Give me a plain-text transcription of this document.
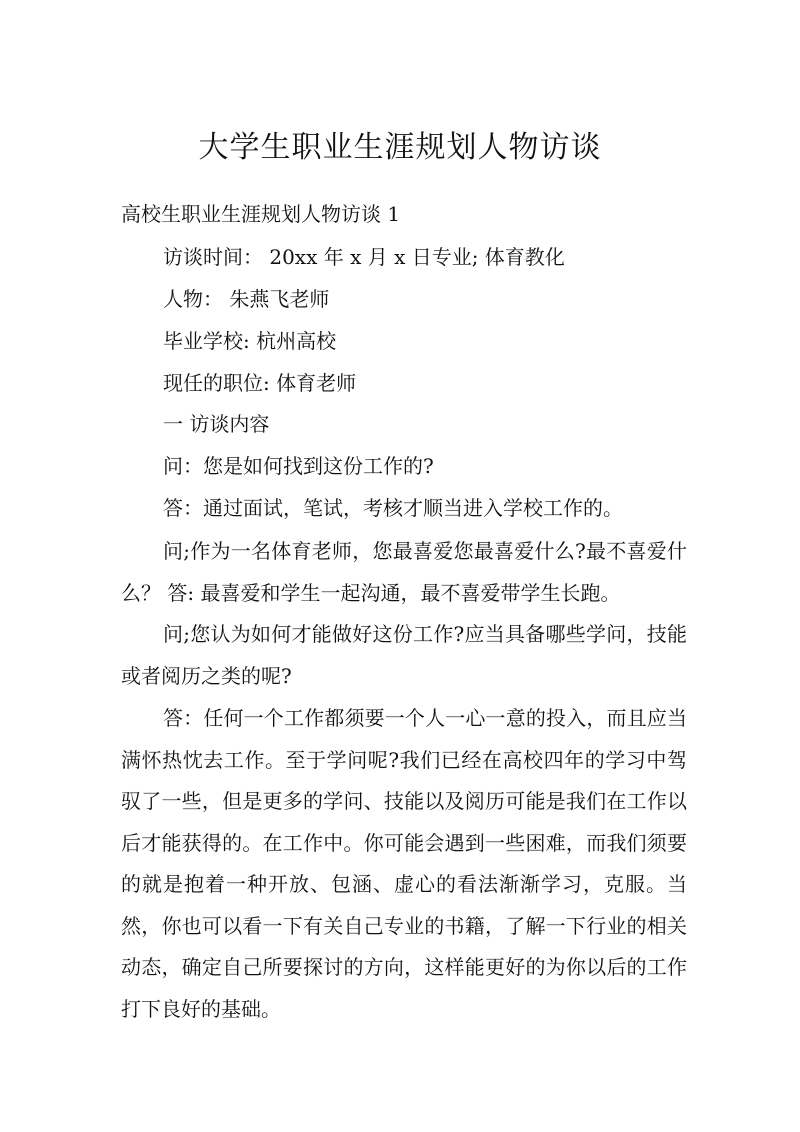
大学生职业生涯规划人物访谈

高校生职业生涯规划人物访谈 1

访谈时间： 20xx 年 x 月 x 日专业; 体育教化

人物： 朱燕飞老师

毕业学校: 杭州高校

现任的职位: 体育老师

一 访谈内容

问：您是如何找到这份工作的?

答：通过面试，笔试，考核才顺当进入学校工作的。

问;作为一名体育老师，您最喜爱您最喜爱什么?最不喜爱什么？ 答: 最喜爱和学生一起沟通，最不喜爱带学生长跑。

问;您认为如何才能做好这份工作?应当具备哪些学问，技能或者阅历之类的呢?

答：任何一个工作都须要一个人一心一意的投入，而且应当满怀热忱去工作。至于学问呢?我们已经在高校四年的学习中驾驭了一些，但是更多的学问、技能以及阅历可能是我们在工作以后才能获得的。在工作中。你可能会遇到一些困难，而我们须要的就是抱着一种开放、包涵、虚心的看法渐渐学习，克服。当然，你也可以看一下有关自己专业的书籍，了解一下行业的相关动态，确定自己所要探讨的方向，这样能更好的为你以后的工作打下良好的基础。
